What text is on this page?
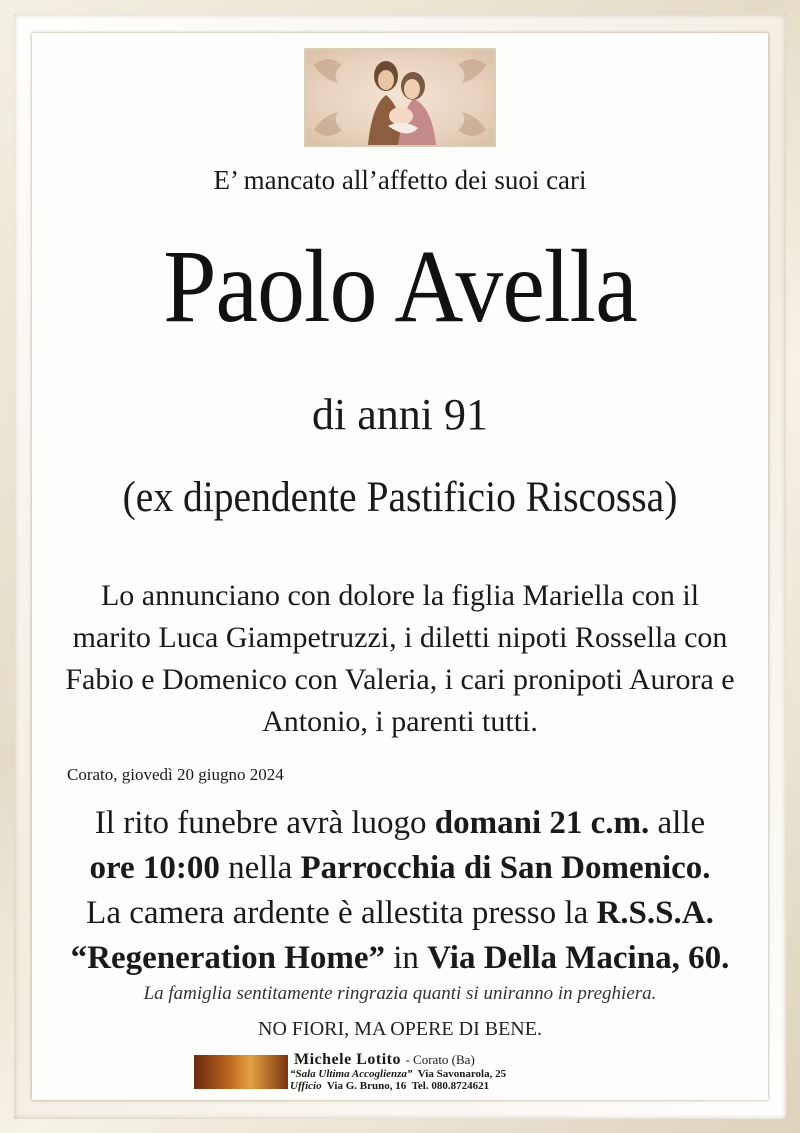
E’ mancato all’affetto dei suoi cari
Paolo Avella
di anni 91
(ex dipendente Pastificio Riscossa)
Lo annunciano con dolore la figlia Mariella con il marito Luca Giampetruzzi, i diletti nipoti Rossella con Fabio e Domenico con Valeria, i cari pronipoti Aurora e Antonio, i parenti tutti.
Corato, giovedì 20 giugno 2024
Il rito funebre avrà luogo domani 21 c.m. alle
ore 10:00 nella Parrocchia di San Domenico.
La camera ardente è allestita presso la R.S.S.A. “Regeneration Home” in Via Della Macina, 60.
La famiglia sentitamente ringrazia quanti si uniranno in preghiera.
NO FIORI, MA OPERE DI BENE.
Michele Lotito - Corato (Ba)
“Sala Ultima Accoglienza” Via Savonarola, 25
Ufficio Via G. Bruno, 16 Tel. 080.8724621
